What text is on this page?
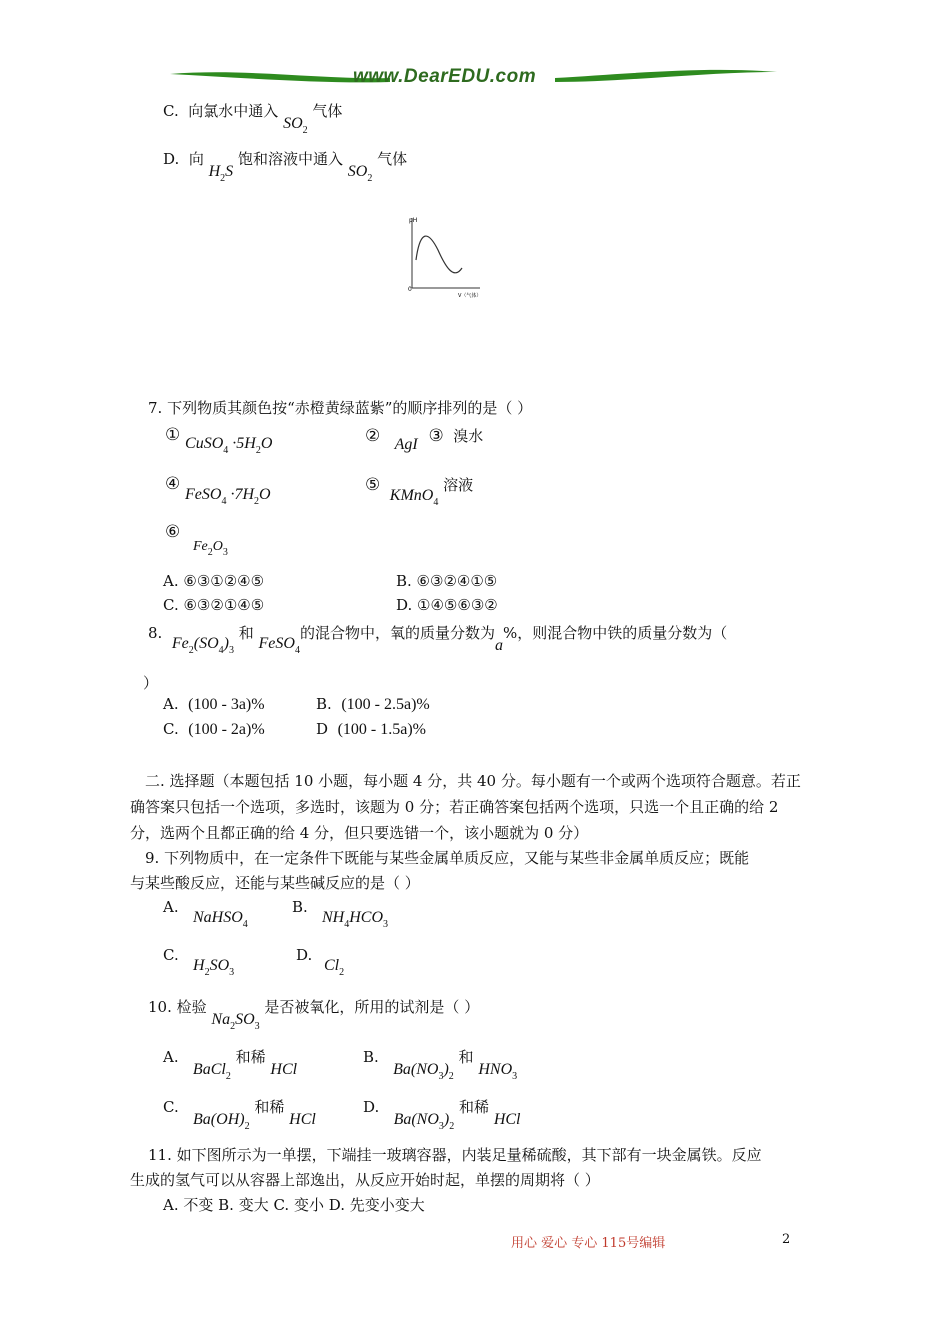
www.DearEDU.com
C. 向氯水中通入 $SO_2$ 气体
D. 向 $H_2S$ 饱和溶液中通入 $SO_2$ 气体
pH
0
V（气体）
7. 下列物质其颜色按“赤橙黄绿蓝紫”的顺序排列的是（ ）
① CuSO$_4$ $\cdot 5H_2O$	② AgI ③ 溴水
④ FeSO$_4$ $\cdot 7H_2O$	⑤  KMnO$_4$ 溶液
⑥
$Fe_2O_3$
A. ⑥③①②④⑤	B. ⑥③②④①⑤
C. ⑥③②①④⑤	D. ①④⑤⑥③②
8.  $Fe_2(SO_4)_3$ 和 FeSO$_4$的混合物中，氧的质量分数为a%，则混合物中铁的质量分数为（
）
A. (100 - 3a)%	B. (100 - 2.5a)%
C. (100 - 2a)%	D (100 - 1.5a)%
二. 选择题（本题包括 10 小题，每小题 4 分，共 40 分。每小题有一个或两个选项符合题意。若正
确答案只包括一个选项，多选时，该题为 0 分；若正确答案包括两个选项，只选一个且正确的给 2
分，选两个且都正确的给 4 分，但只要选错一个，该小题就为 0 分）
9. 下列物质中，在一定条件下既能与某些金属单质反应，又能与某些非金属单质反应；既能
与某些酸反应，还能与某些碱反应的是（ ）
A.
NaHSO$_4$
B.
$NH_4HCO_3$
C.
$H_2SO_3$
D.
$Cl_2$
10. 检验 $Na_2SO_3$ 是否被氧化，所用的试剂是（ ）
A.   BaCl$_2$ 和稀 HCl
B.   $Ba(NO_3)_2$ 和 $HNO_3$
C.   $Ba(OH)_2$ 和稀 HCl
D.   $Ba(NO_3)_2$ 和稀 HCl
11. 如下图所示为一单摆，下端挂一玻璃容器，内装足量稀硫酸，其下部有一块金属铁。反应
生成的氢气可以从容器上部逸出，从反应开始时起，单摆的周期将（ ）
A. 不变 B. 变大 C. 变小 D. 先变小变大
用心 爱心 专心 115号编辑	2
